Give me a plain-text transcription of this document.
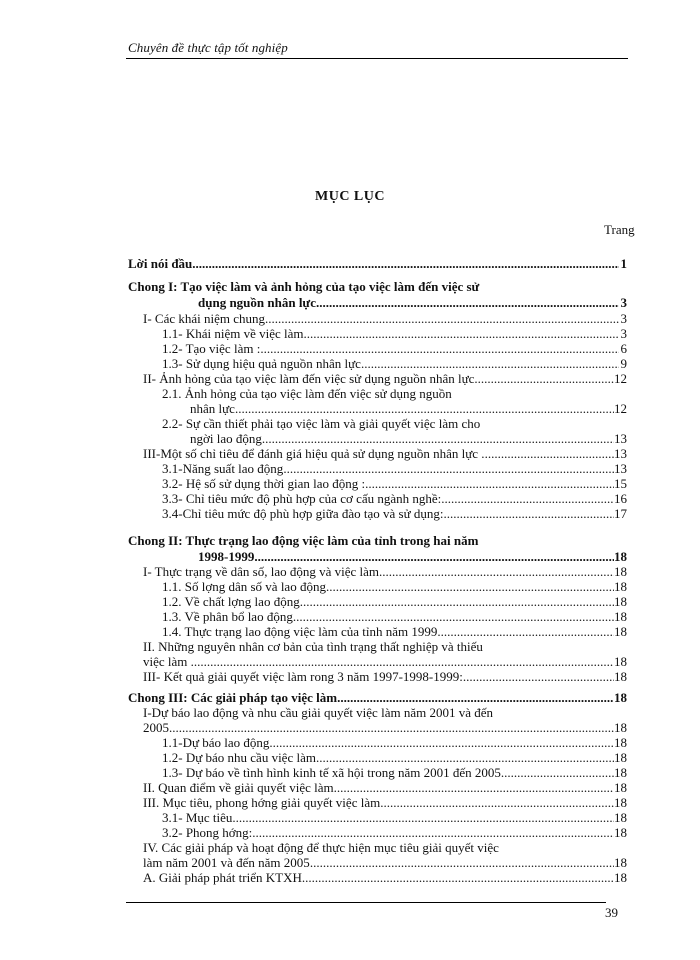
Chuyên đề thực tập tốt nghiệp
MỤC LỤC
Trang
Lời nói đầu .....	1
Chong I: Tạo việc làm và ảnh hỏng của tạo việc làm đến việc sử
dụng nguồn nhân lực .....	3
I- Các khái niệm chung. .....	3
1.1- Khái niệm về việc làm. .....	3
1.2- Tạo việc làm : .....	6
1.3- Sử dụng hiệu quả nguồn nhân lực .....	9
II- Ảnh hỏng của tạo việc làm đến việc sử dụng nguồn nhân lực .....	12
2.1. Ảnh hỏng của tạo việc làm đến việc sử dụng nguồn
nhân lực .....	12
2.2- Sự cần thiết phải tạo việc làm và giải quyết việc làm cho
ngời lao động .....	13
III-Một số chỉ tiêu để đánh giá hiệu quả sử dụng nguồn nhân lực . .....	13
3.1-Năng suất lao động .....	13
3.2- Hệ số sử dụng thời gian lao động : .....	15
3.3- Chỉ tiêu mức độ phù hợp của cơ cấu ngành nghề: .....	16
3.4-Chỉ tiêu mức độ phù hợp giữa đào tạo và sử dụng: .....	17
Chong II: Thực trạng lao động việc làm của tỉnh trong hai năm
1998-1999 .....	18
I- Thực trạng về dân số, lao động và việc làm .....	18
1.1. Số lợng dân số và lao động. .....	18
1.2. Về chất lợng lao động. .....	18
1.3. Về phân bổ lao động. .....	18
1.4. Thực trạng lao động việc làm của tỉnh năm 1999 .....	18
II. Những nguyên nhân cơ bản của tình trạng thất nghiệp và thiếu
việc làm . .....	18
III- Kết quả giải quyết việc làm rong 3 năm 1997-1998-1999: .....	18
Chong III: Các giải pháp tạo việc làm .....	18
I-Dự báo lao động và nhu cầu giải quyết việc làm năm 2001 và đến
2005 .....	18
1.1-Dự báo lao động .....	18
1.2- Dự báo nhu cầu việc làm .....	18
1.3- Dự báo về tình hình kinh tế xã hội trong năm 2001 đến 2005 .....	18
II. Quan điểm về giải quyết việc làm. .....	18
III. Mục tiêu, phong hớng giải quyết việc làm. .....	18
3.1- Mục tiêu. .....	18
3.2- Phong hớng: .....	18
IV. Các giải pháp và hoạt động để thực hiện mục tiêu giải quyết việc
làm năm 2001 và đến năm 2005 .....	18
A. Giải pháp phát triển KTXH. .....	18
39
